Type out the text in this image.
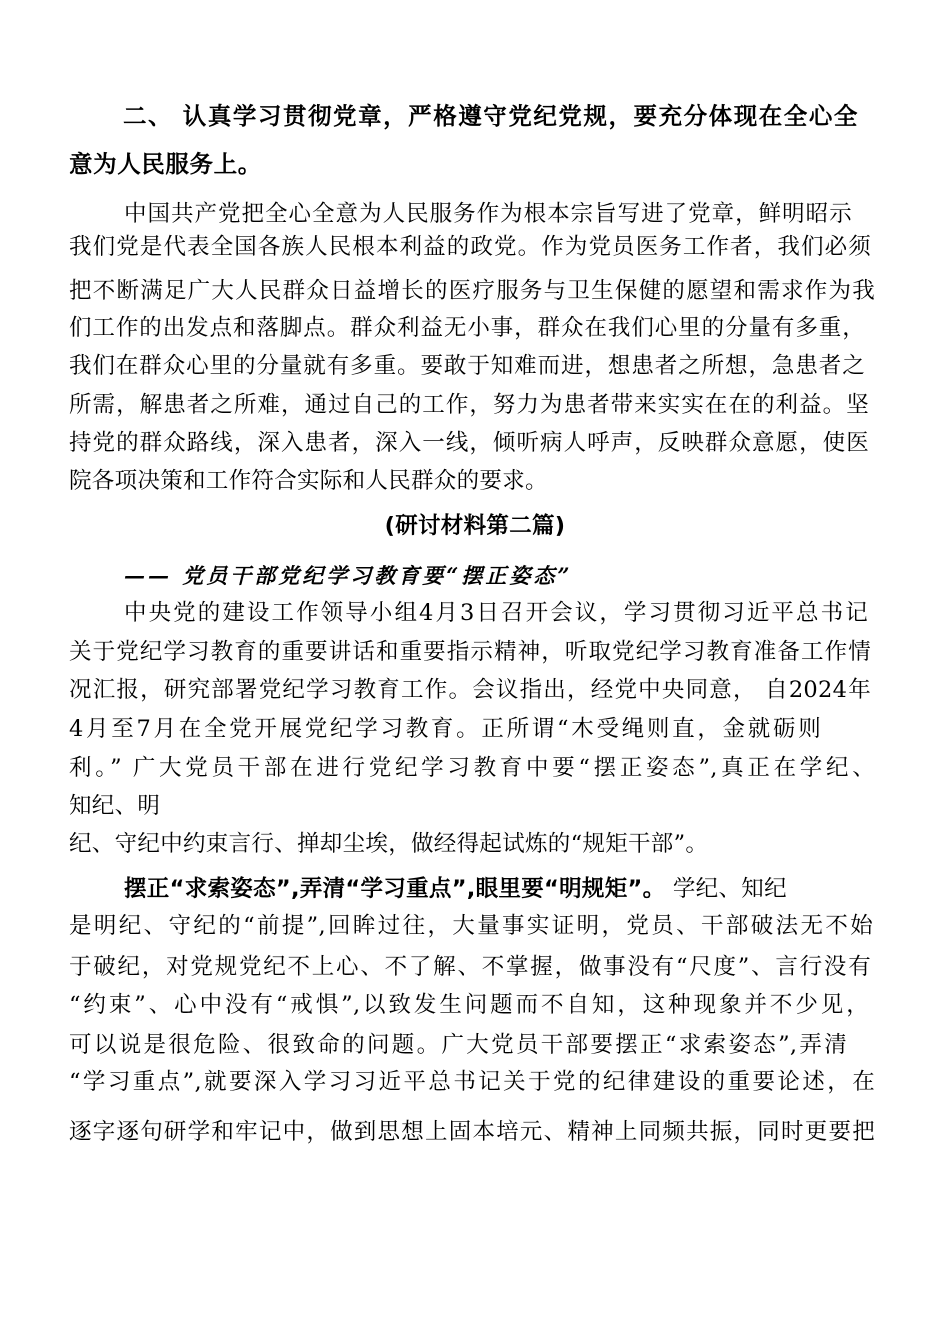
二、 认真学习贯彻党章，严格遵守党纪党规，要充分体现在全心全
意为人民服务上。
中国共产党把全心全意为人民服务作为根本宗旨写进了党章，鲜明昭示
我们党是代表全国各族人民根本利益的政党。作为党员医务工作者，我们必须
把不断满足广大人民群众日益增长的医疗服务与卫生保健的愿望和需求作为我
们工作的出发点和落脚点。群众利益无小事，群众在我们心里的分量有多重，
我们在群众心里的分量就有多重。要敢于知难而进，想患者之所想，急患者之
所需，解患者之所难，通过自己的工作，努力为患者带来实实在在的利益。坚
持党的群众路线，深入患者，深入一线，倾听病人呼声，反映群众意愿，使医
院各项决策和工作符合实际和人民群众的要求。
(研讨材料第二篇)
—— 党员干部党纪学习教育要“摆正姿态”
中央党的建设工作领导小组4月3日召开会议，学习贯彻习近平总书记
关于党纪学习教育的重要讲话和重要指示精神，听取党纪学习教育准备工作情
况汇报，研究部署党纪学习教育工作。会议指出，经党中央同意， 自2024年
4月至7月在全党开展党纪学习教育。正所谓“木受绳则直，金就砺则
利。” 广大党员干部在进行党纪学习教育中要“摆正姿态”,真正在学纪、
知纪、明
纪、守纪中约束言行、掸却尘埃，做经得起试炼的“规矩干部”。
摆正“求索姿态”,弄清“学习重点”,眼里要“明规矩”。 学纪、知纪
是明纪、守纪的“前提”,回眸过往，大量事实证明，党员、干部破法无不始
于破纪，对党规党纪不上心、不了解、不掌握，做事没有“尺度”、言行没有
“约束”、心中没有“戒惧”,以致发生问题而不自知，这种现象并不少见，
可以说是很危险、很致命的问题。广大党员干部要摆正“求索姿态”,弄清
“学习重点”,就要深入学习习近平总书记关于党的纪律建设的重要论述，在
逐字逐句研学和牢记中，做到思想上固本培元、精神上同频共振，同时更要把
